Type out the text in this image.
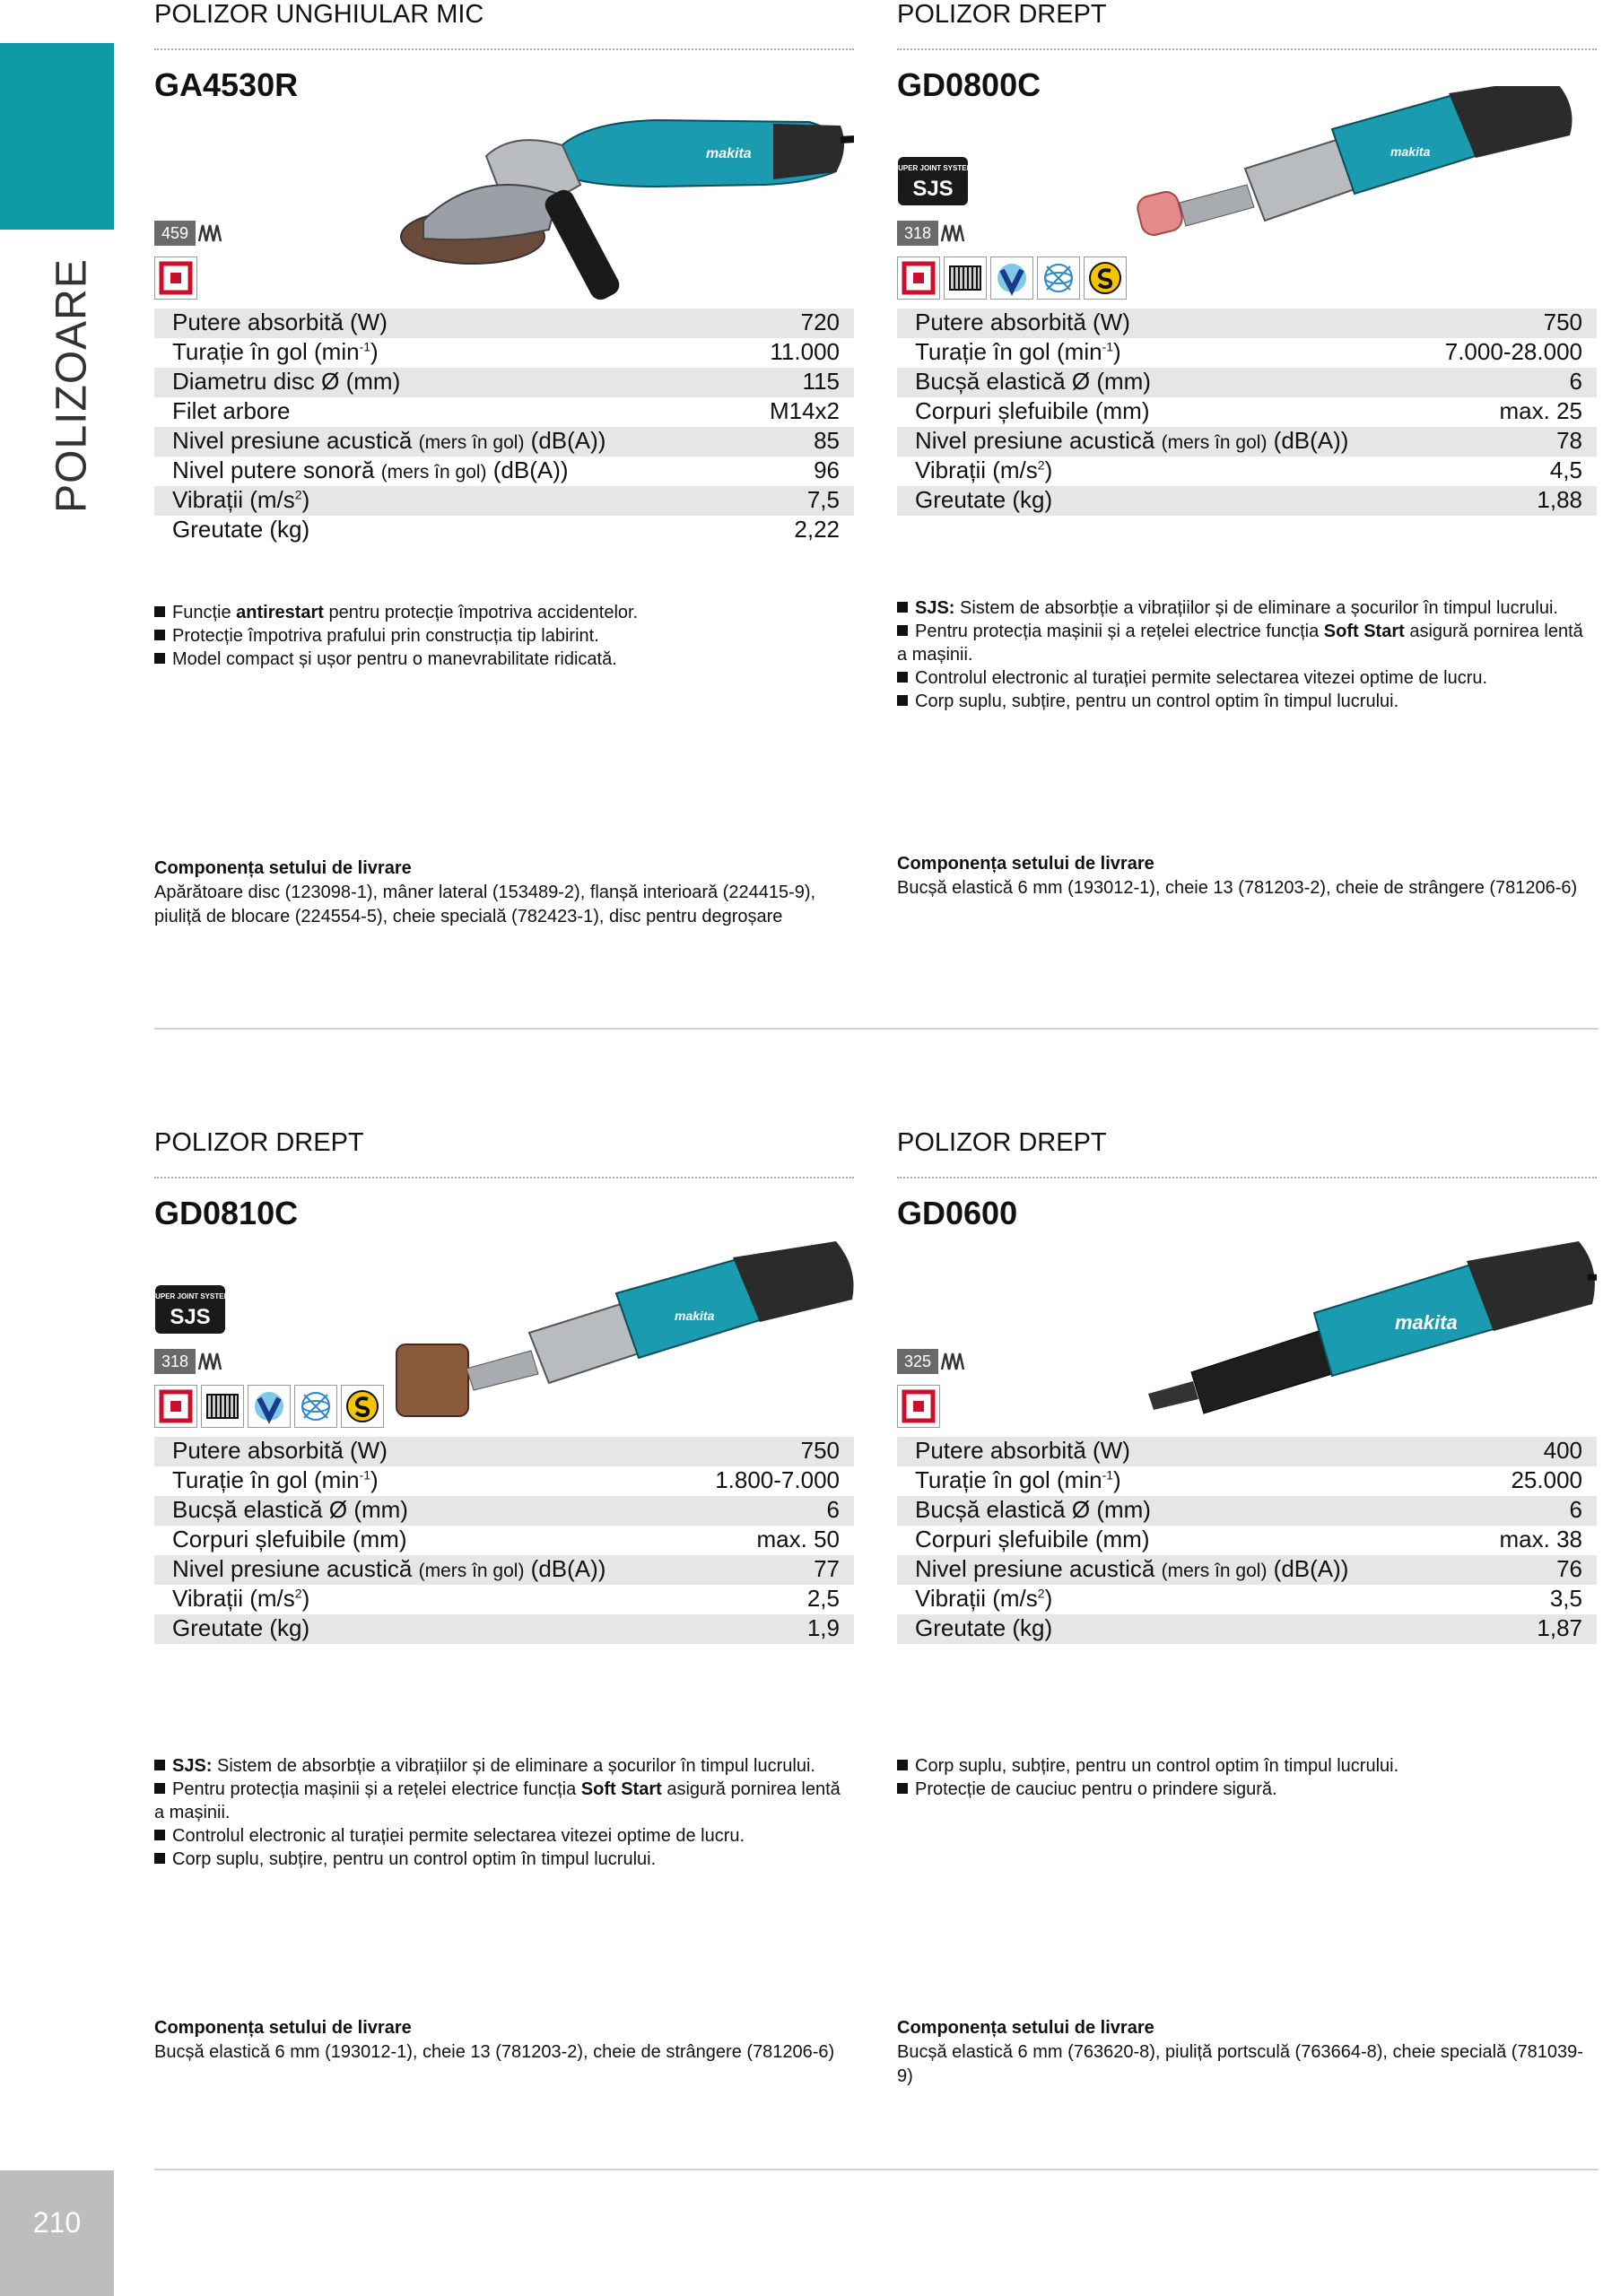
POLIZOARE
210
POLIZOR UNGHIULAR MIC
GA4530R
makita
459
Putere absorbită (W)	720
Turație în gol $(\min^{-1})$	11.000
Diametru disc Ø (mm)	115
Filet arbore	M14x2
Nivel presiune acustică (mers în gol) (dB(A))	85
Nivel putere sonoră (mers în gol) (dB(A))	96
Vibrații $(m/s^2)$	7,5
Greutate (kg)	2,22

Funcție antirestart pentru protecție împotriva accidentelor.

Protecție împotriva prafului prin construcția tip labirint.

Model compact și ușor pentru o manevrabilitate ridicată.

Componența setului de livrare
Apărătoare disc (123098-1), mâner lateral (153489-2), flanșă interioară (224415-9), piuliță de blocare (224554-5), cheie specială (782423-1), disc pentru degroșare
POLIZOR DREPT
GD0800C
makita
SUPER JOINT SYSTEM
SJS
318
Putere absorbită (W)	750
Turație în gol $(\min^{-1})$	7.000-28.000
Bucșă elastică Ø (mm)	6
Corpuri șlefuibile (mm)	max. 25
Nivel presiune acustică (mers în gol) (dB(A))	78
Vibrații $(m/s^2)$	4,5
Greutate (kg)	1,88

SJS: Sistem de absorbție a vibrațiilor și de eliminare a șocurilor în timpul lucrului.

Pentru protecția mașinii și a rețelei electrice funcția Soft Start asigură pornirea lentă a mașinii.

Controlul electronic al turației permite selectarea vitezei optime de lucru.

Corp suplu, subțire, pentru un control optim în timpul lucrului.

Componența setului de livrare
Bucșă elastică 6 mm (193012-1), cheie 13 (781203-2), cheie de strângere (781206-6)
POLIZOR DREPT
GD0810C
makita
SUPER JOINT SYSTEM
SJS
318
Putere absorbită (W)	750
Turație în gol $(\min^{-1})$	1.800-7.000
Bucșă elastică Ø (mm)	6
Corpuri șlefuibile (mm)	max. 50
Nivel presiune acustică (mers în gol) (dB(A))	77
Vibrații $(m/s^2)$	2,5
Greutate (kg)	1,9

SJS: Sistem de absorbție a vibrațiilor și de eliminare a șocurilor în timpul lucrului.

Pentru protecția mașinii și a rețelei electrice funcția Soft Start asigură pornirea lentă a mașinii.

Controlul electronic al turației permite selectarea vitezei optime de lucru.

Corp suplu, subțire, pentru un control optim în timpul lucrului.

Componența setului de livrare
Bucșă elastică 6 mm (193012-1), cheie 13 (781203-2), cheie de strângere (781206-6)
POLIZOR DREPT
GD0600
makita
325
Putere absorbită (W)	400
Turație în gol $(\min^{-1})$	25.000
Bucșă elastică Ø (mm)	6
Corpuri șlefuibile (mm)	max. 38
Nivel presiune acustică (mers în gol) (dB(A))	76
Vibrații $(m/s^2)$	3,5
Greutate (kg)	1,87

Corp suplu, subțire, pentru un control optim în timpul lucrului.

Protecție de cauciuc pentru o prindere sigură.

Componența setului de livrare
Bucșă elastică 6 mm (763620-8), piuliță portsculă (763664-8), cheie specială (781039-9)
